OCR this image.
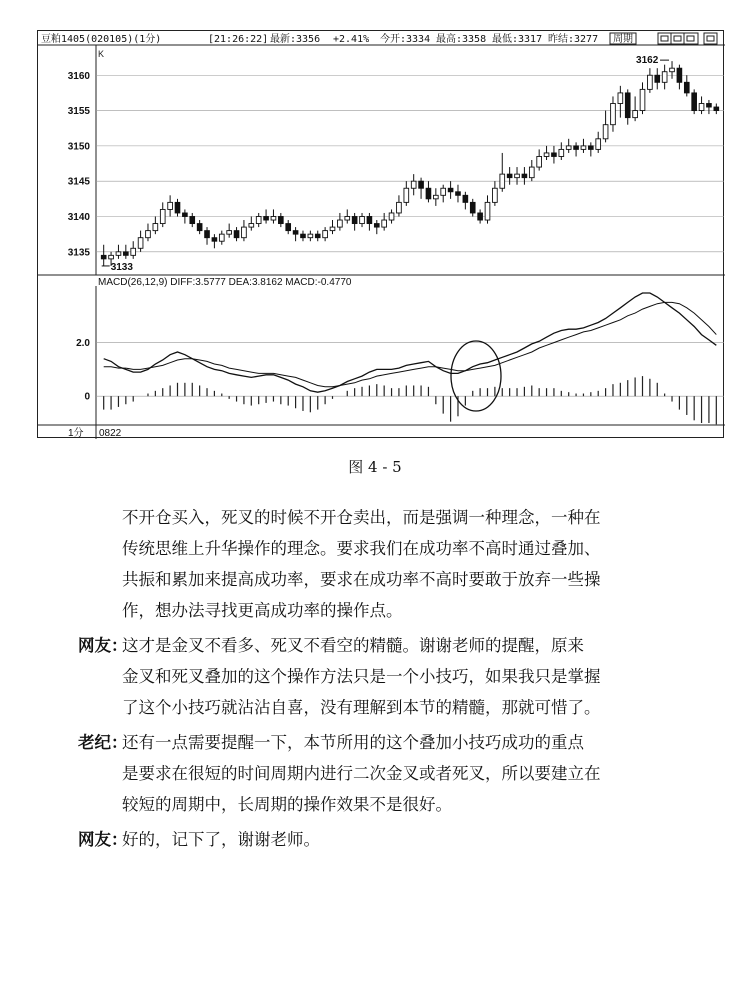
豆粕1405(020105)(1分)	[21:26:22] 最新:3356 +2.41% 今开:3334 最高:3358 最低:3317 昨结:3277 周期
K
3135
3140
3145
3150
3155
3160
3162
3133
MACD(26,12,9) DIFF:3.5777 DEA:3.8162 MACD:-0.4770
0
2.0
1分 0822
图 4 - 5
不开仓买入，死叉的时候不开仓卖出，而是强调一种理念，一种在
传统思维上升华操作的理念。要求我们在成功率不高时通过叠加、
共振和累加来提高成功率，要求在成功率不高时要敢于放弃一些操
作，想办法寻找更高成功率的操作点。
网友：
这才是金叉不看多、死叉不看空的精髓。谢谢老师的提醒，原来
金叉和死叉叠加的这个操作方法只是一个小技巧，如果我只是掌握
了这个小技巧就沾沾自喜，没有理解到本节的精髓，那就可惜了。
老纪：
还有一点需要提醒一下，本节所用的这个叠加小技巧成功的重点
是要求在很短的时间周期内进行二次金叉或者死叉，所以要建立在
较短的周期中，长周期的操作效果不是很好。
网友：
好的，记下了，谢谢老师。
